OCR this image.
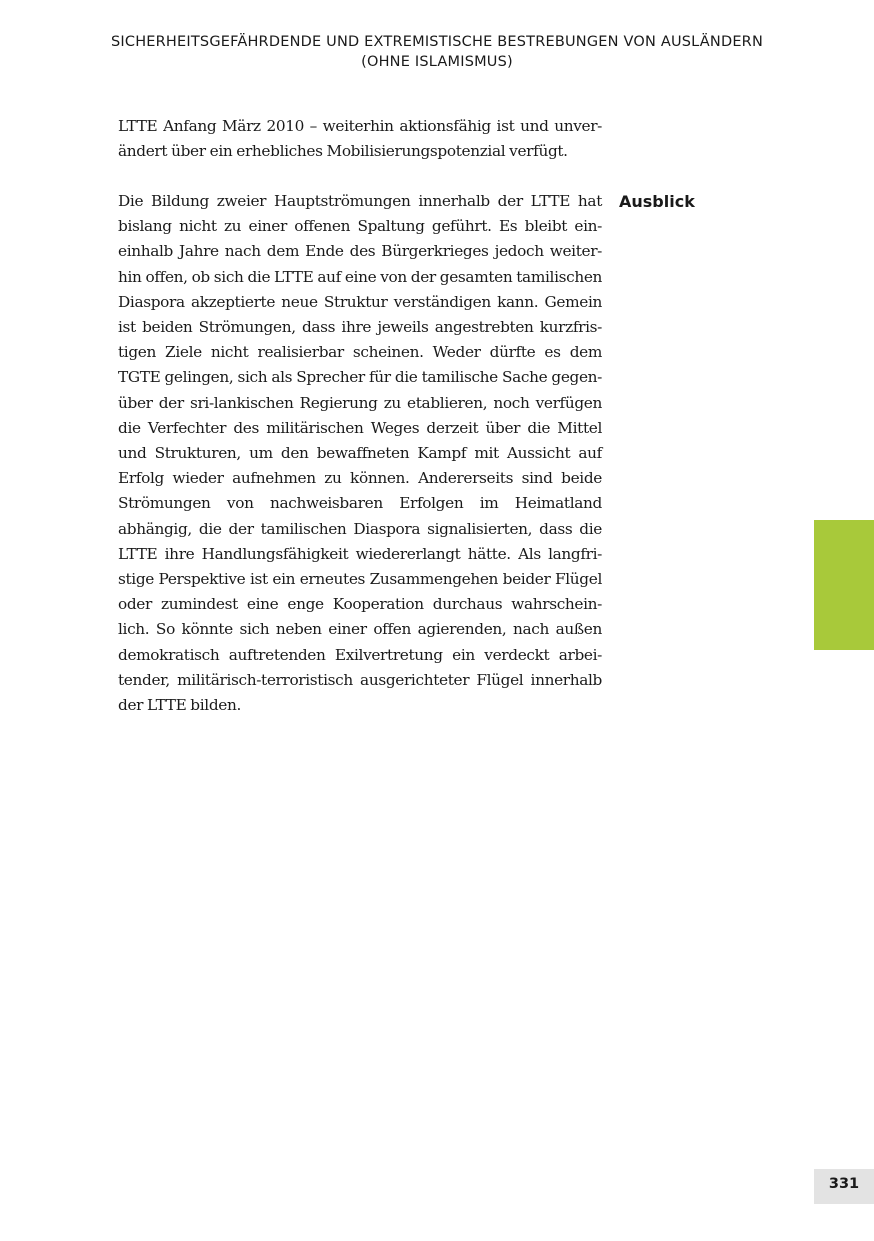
SICHERHEITSGEFÄHRDENDE UND EXTREMISTISCHE BESTREBUNGEN VON AUSLÄNDERN
(OHNE ISLAMISMUS)
LTTE Anfang März 2010 – weiterhin aktionsfähig ist und unver-
ändert über ein erhebliches Mobilisierungspotenzial verfügt.
Ausblick
Die Bildung zweier Hauptströmungen innerhalb der LTTE hat
bislang nicht zu einer offenen Spaltung geführt. Es bleibt ein-
einhalb Jahre nach dem Ende des Bürgerkrieges jedoch weiter-
hin offen, ob sich die LTTE auf eine von der gesamten tamilischen
Diaspora akzeptierte neue Struktur verständigen kann. Gemein
ist beiden Strömungen, dass ihre jeweils angestrebten kurzfris-
tigen Ziele nicht realisierbar scheinen. Weder dürfte es dem
TGTE gelingen, sich als Sprecher für die tamilische Sache gegen-
über der sri-lankischen Regierung zu etablieren, noch verfügen
die Verfechter des militärischen Weges derzeit über die Mittel
und Strukturen, um den bewaffneten Kampf mit Aussicht auf
Erfolg wieder aufnehmen zu können. Andererseits sind beide
Strömungen von nachweisbaren Erfolgen im Heimatland
abhängig, die der tamilischen Diaspora signalisierten, dass die
LTTE ihre Handlungsfähigkeit wiedererlangt hätte. Als langfri-
stige Perspektive ist ein erneutes Zusammengehen beider Flügel
oder zumindest eine enge Kooperation durchaus wahrschein-
lich. So könnte sich neben einer offen agierenden, nach außen
demokratisch auftretenden Exilvertretung ein verdeckt arbei-
tender, militärisch-terroristisch ausgerichteter Flügel innerhalb
der LTTE bilden.
331
